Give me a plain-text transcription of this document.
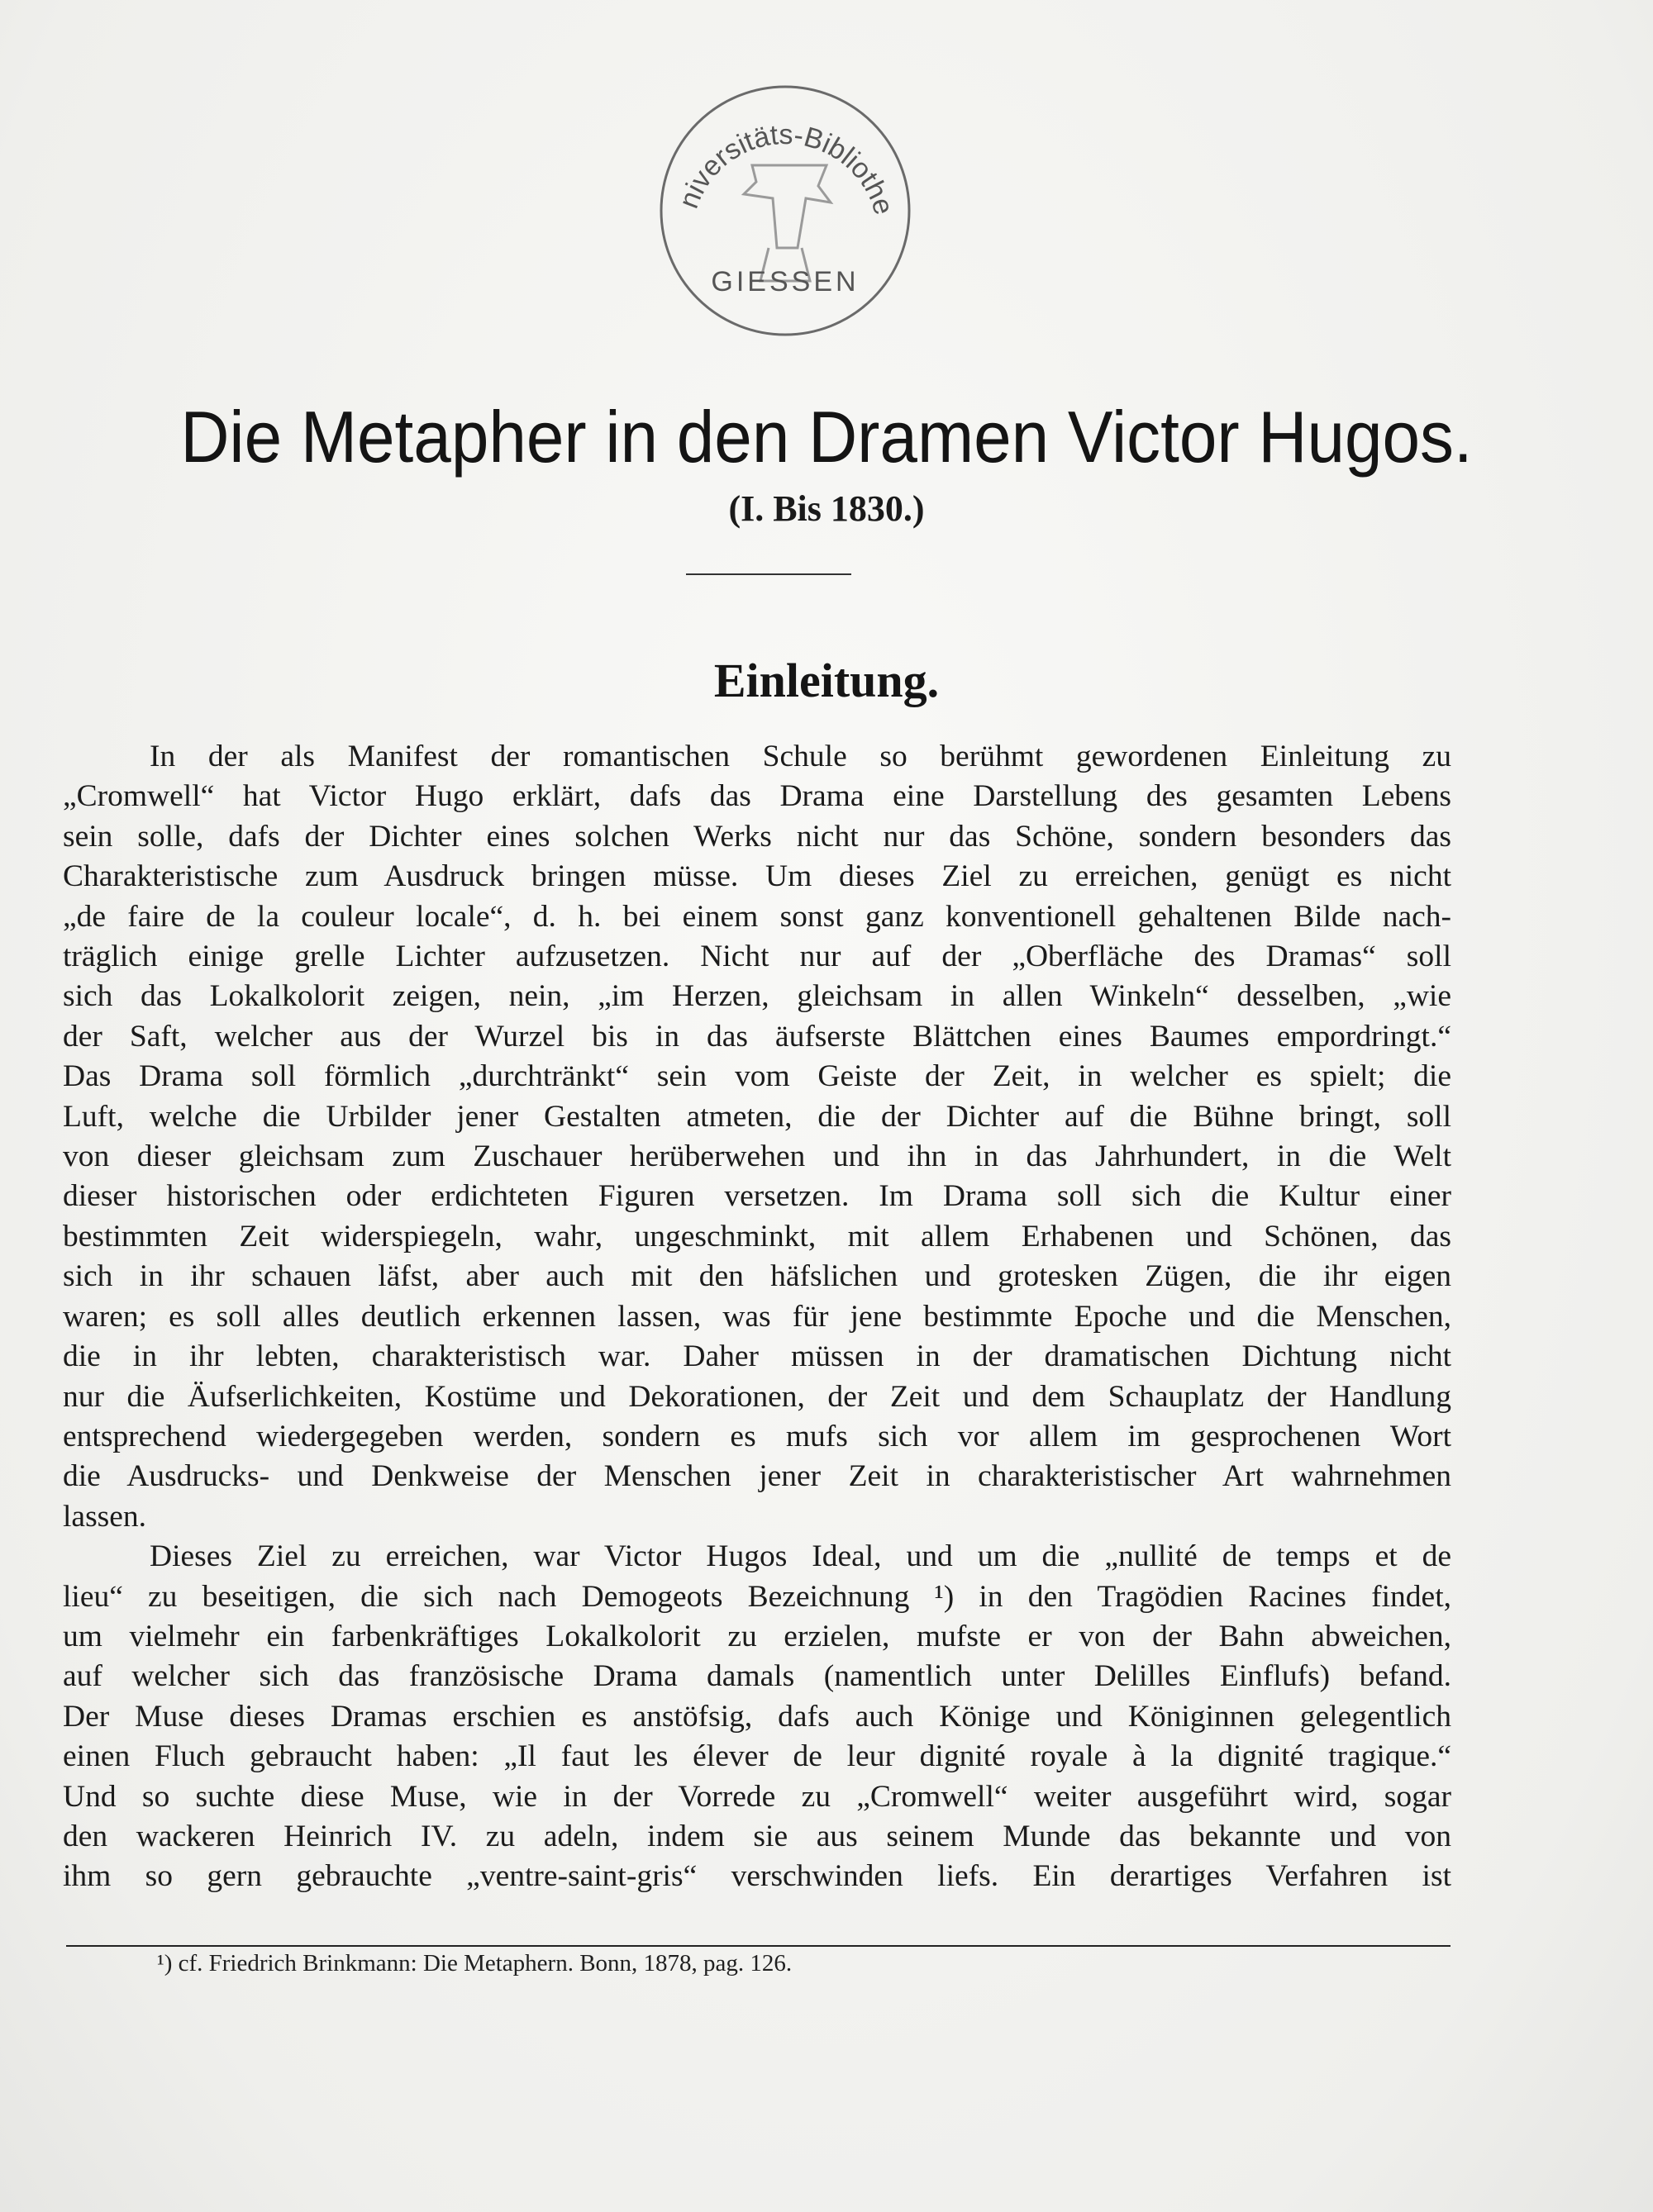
niversitäts-Bibliothe
GIESSEN
Die Metapher in den Dramen Victor Hugos.
(I. Bis 1830.)
Einleitung.
In der als Manifest der romantischen Schule so berühmt gewordenen Einleitung zu
„Cromwell“ hat Victor Hugo erklärt, dafs das Drama eine Darstellung des gesamten Lebens
sein solle, dafs der Dichter eines solchen Werks nicht nur das Schöne, sondern besonders das
Charakteristische zum Ausdruck bringen müsse. Um dieses Ziel zu erreichen, genügt es nicht
„de faire de la couleur locale“, d. h. bei einem sonst ganz konventionell gehaltenen Bilde nach-
träglich einige grelle Lichter aufzusetzen. Nicht nur auf der „Oberfläche des Dramas“ soll
sich das Lokalkolorit zeigen, nein, „im Herzen, gleichsam in allen Winkeln“ desselben, „wie
der Saft, welcher aus der Wurzel bis in das äufserste Blättchen eines Baumes empordringt.“
Das Drama soll förmlich „durchtränkt“ sein vom Geiste der Zeit, in welcher es spielt; die
Luft, welche die Urbilder jener Gestalten atmeten, die der Dichter auf die Bühne bringt, soll
von dieser gleichsam zum Zuschauer herüberwehen und ihn in das Jahrhundert, in die Welt
dieser historischen oder erdichteten Figuren versetzen. Im Drama soll sich die Kultur einer
bestimmten Zeit widerspiegeln, wahr, ungeschminkt, mit allem Erhabenen und Schönen, das
sich in ihr schauen läfst, aber auch mit den häfslichen und grotesken Zügen, die ihr eigen
waren; es soll alles deutlich erkennen lassen, was für jene bestimmte Epoche und die Menschen,
die in ihr lebten, charakteristisch war. Daher müssen in der dramatischen Dichtung nicht
nur die Äufserlichkeiten, Kostüme und Dekorationen, der Zeit und dem Schauplatz der Handlung
entsprechend wiedergegeben werden, sondern es mufs sich vor allem im gesprochenen Wort
die Ausdrucks- und Denkweise der Menschen jener Zeit in charakteristischer Art wahrnehmen
lassen.
Dieses Ziel zu erreichen, war Victor Hugos Ideal, und um die „nullité de temps et de
lieu“ zu beseitigen, die sich nach Demogeots Bezeichnung ¹) in den Tragödien Racines findet,
um vielmehr ein farbenkräftiges Lokalkolorit zu erzielen, mufste er von der Bahn abweichen,
auf welcher sich das französische Drama damals (namentlich unter Delilles Einflufs) befand.
Der Muse dieses Dramas erschien es anstöfsig, dafs auch Könige und Königinnen gelegentlich
einen Fluch gebraucht haben: „Il faut les élever de leur dignité royale à la dignité tragique.“
Und so suchte diese Muse, wie in der Vorrede zu „Cromwell“ weiter ausgeführt wird, sogar
den wackeren Heinrich IV. zu adeln, indem sie aus seinem Munde das bekannte und von
ihm so gern gebrauchte „ventre-saint-gris“ verschwinden liefs. Ein derartiges Verfahren ist
¹) cf. Friedrich Brinkmann: Die Metaphern. Bonn, 1878, pag. 126.
